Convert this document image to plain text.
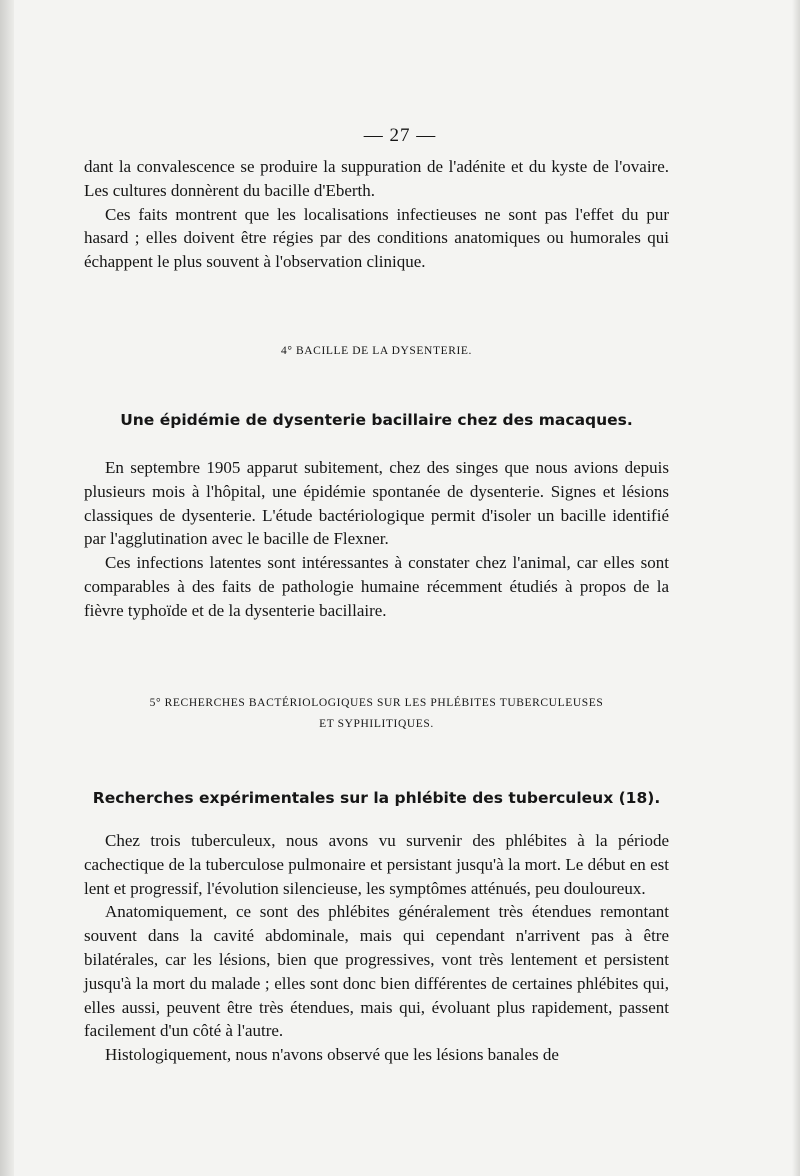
— 27 —

dant la convalescence se produire la suppuration de l'adénite et du kyste de l'ovaire. Les cultures donnèrent du bacille d'Eberth.

Ces faits montrent que les localisations infectieuses ne sont pas l'effet du pur hasard ; elles doivent être régies par des conditions anatomiques ou humorales qui échappent le plus souvent à l'observation clinique.

4° BACILLE DE LA DYSENTERIE.
Une épidémie de dysenterie bacillaire chez des macaques.

En septembre 1905 apparut subitement, chez des singes que nous avions depuis plusieurs mois à l'hôpital, une épidémie spontanée de dysenterie. Signes et lésions classiques de dysenterie. L'étude bactériologique permit d'isoler un bacille identifié par l'agglutination avec le bacille de Flexner.

Ces infections latentes sont intéressantes à constater chez l'animal, car elles sont comparables à des faits de pathologie humaine récemment étudiés à propos de la fièvre typhoïde et de la dysenterie bacillaire.

5° RECHERCHES BACTÉRIOLOGIQUES SUR LES PHLÉBITES TUBERCULEUSES
ET SYPHILITIQUES.
Recherches expérimentales sur la phlébite des tuberculeux (18).

Chez trois tuberculeux, nous avons vu survenir des phlébites à la période cachectique de la tuberculose pulmonaire et persistant jusqu'à la mort. Le début en est lent et progressif, l'évolution silencieuse, les symptômes atténués, peu douloureux.

Anatomiquement, ce sont des phlébites généralement très étendues remontant souvent dans la cavité abdominale, mais qui cependant n'arrivent pas à être bilatérales, car les lésions, bien que progressives, vont très lentement et persistent jusqu'à la mort du malade ; elles sont donc bien différentes de certaines phlébites qui, elles aussi, peuvent être très étendues, mais qui, évoluant plus rapidement, passent facilement d'un côté à l'autre.

Histologiquement, nous n'avons observé que les lésions banales de
